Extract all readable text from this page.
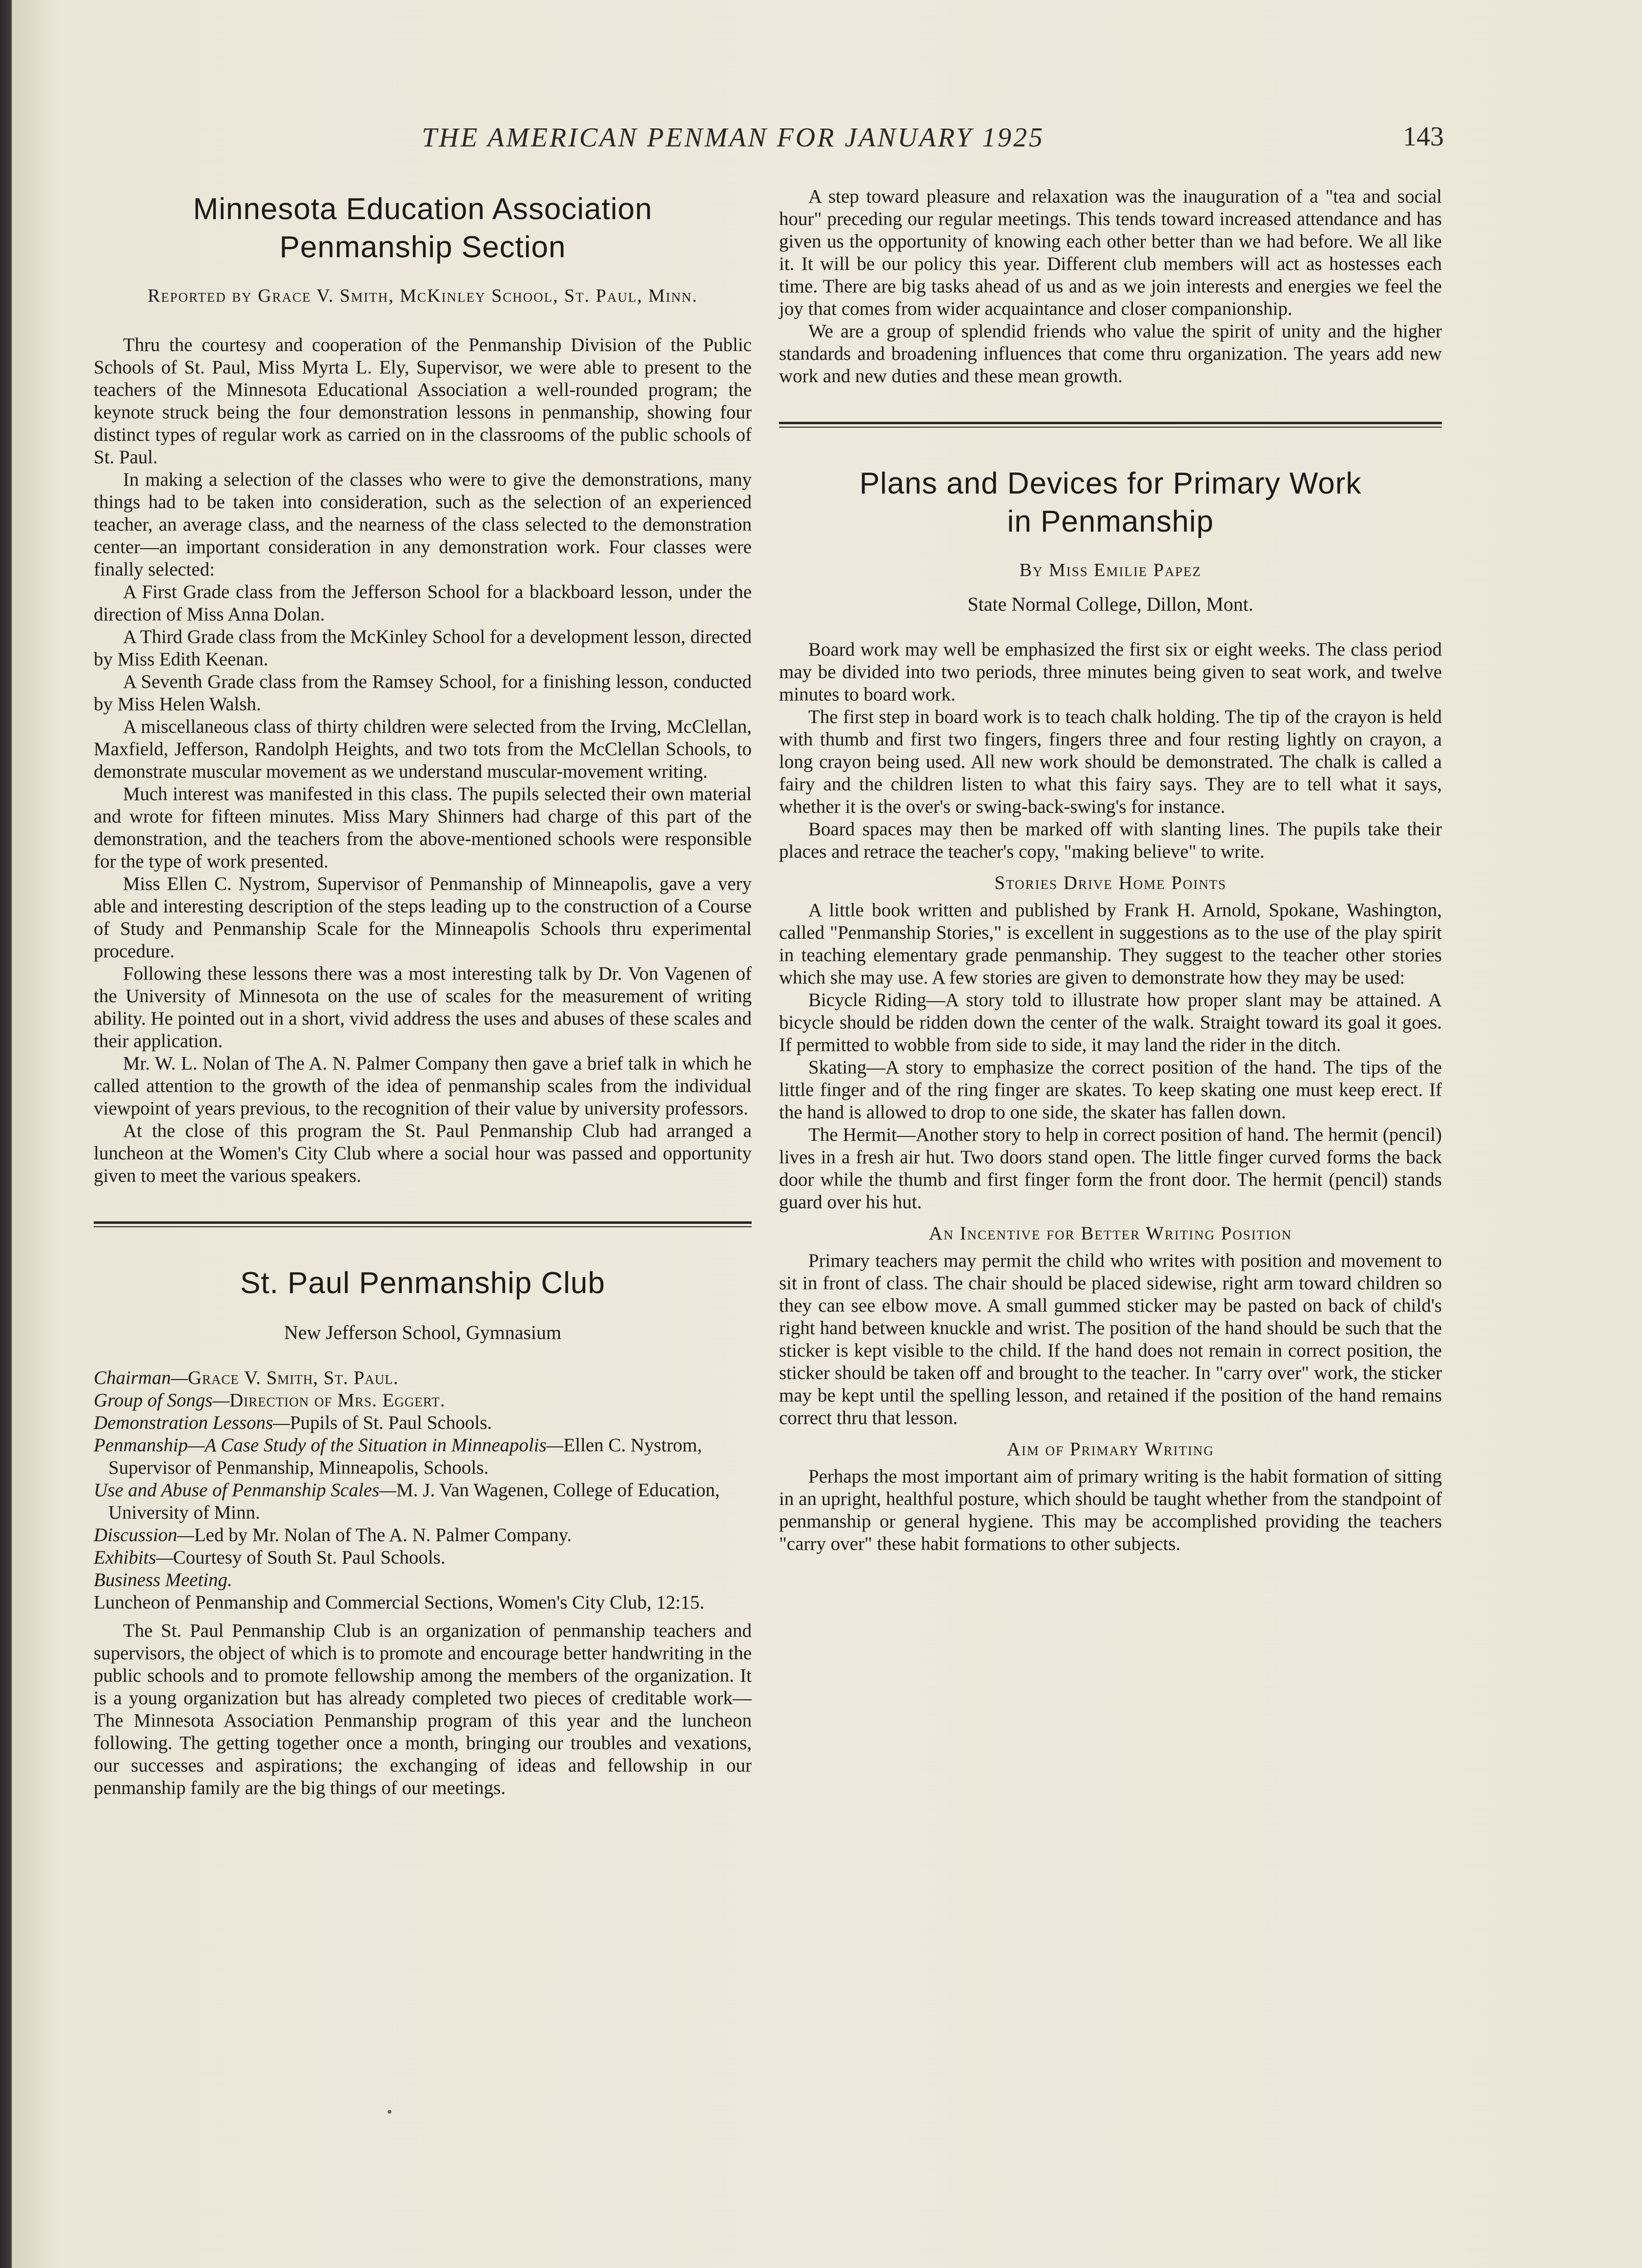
THE AMERICAN PENMAN FOR JANUARY 1925	143
Minnesota Education Association
Penmanship Section
Reported by Grace V. Smith, McKinley School, St. Paul, Minn.

Thru the courtesy and cooperation of the Penmanship Division of the Public Schools of St. Paul, Miss Myrta L. Ely, Supervisor, we were able to present to the teachers of the Minnesota Educational Association a well-rounded program; the keynote struck being the four demonstration lessons in penmanship, showing four distinct types of regular work as carried on in the classrooms of the public schools of St. Paul.

In making a selection of the classes who were to give the demonstrations, many things had to be taken into consideration, such as the selection of an experienced teacher, an average class, and the nearness of the class selected to the demonstration center—an important consideration in any demonstration work. Four classes were finally selected:

A First Grade class from the Jefferson School for a blackboard lesson, under the direction of Miss Anna Dolan.

A Third Grade class from the McKinley School for a development lesson, directed by Miss Edith Keenan.

A Seventh Grade class from the Ramsey School, for a finishing lesson, conducted by Miss Helen Walsh.

A miscellaneous class of thirty children were selected from the Irving, McClellan, Maxfield, Jefferson, Randolph Heights, and two tots from the McClellan Schools, to demonstrate muscular movement as we understand muscular-movement writing.

Much interest was manifested in this class. The pupils selected their own material and wrote for fifteen minutes. Miss Mary Shinners had charge of this part of the demonstration, and the teachers from the above-mentioned schools were responsible for the type of work presented.

Miss Ellen C. Nystrom, Supervisor of Penmanship of Minneapolis, gave a very able and interesting description of the steps leading up to the construction of a Course of Study and Penmanship Scale for the Minneapolis Schools thru experimental procedure.

Following these lessons there was a most interesting talk by Dr. Von Vagenen of the University of Minnesota on the use of scales for the measurement of writing ability. He pointed out in a short, vivid address the uses and abuses of these scales and their application.

Mr. W. L. Nolan of The A. N. Palmer Company then gave a brief talk in which he called attention to the growth of the idea of penmanship scales from the individual viewpoint of years previous, to the recognition of their value by university professors.

At the close of this program the St. Paul Penmanship Club had arranged a luncheon at the Women's City Club where a social hour was passed and opportunity given to meet the various speakers.

St. Paul Penmanship Club
New Jefferson School, Gymnasium

Chairman—Grace V. Smith, St. Paul.

Group of Songs—Direction of Mrs. Eggert.

Demonstration Lessons—Pupils of St. Paul Schools.

Penmanship—A Case Study of the Situation in Minneapolis—Ellen C. Nystrom, Supervisor of Penmanship, Minneapolis, Schools.

Use and Abuse of Penmanship Scales—M. J. Van Wagenen, College of Education, University of Minn.

Discussion—Led by Mr. Nolan of The A. N. Palmer Company.

Exhibits—Courtesy of South St. Paul Schools.

Business Meeting.

Luncheon of Penmanship and Commercial Sections, Women's City Club, 12:15.

The St. Paul Penmanship Club is an organization of penmanship teachers and supervisors, the object of which is to promote and encourage better handwriting in the public schools and to promote fellowship among the members of the organization. It is a young organization but has already completed two pieces of creditable work—The Minnesota Association Penmanship program of this year and the luncheon following. The getting together once a month, bringing our troubles and vexations, our successes and aspirations; the exchanging of ideas and fellowship in our penmanship family are the big things of our meetings.

A step toward pleasure and relaxation was the inauguration of a "tea and social hour" preceding our regular meetings. This tends toward increased attendance and has given us the opportunity of knowing each other better than we had before. We all like it. It will be our policy this year. Different club members will act as hostesses each time. There are big tasks ahead of us and as we join interests and energies we feel the joy that comes from wider acquaintance and closer companionship.

We are a group of splendid friends who value the spirit of unity and the higher standards and broadening influences that come thru organization. The years add new work and new duties and these mean growth.

Plans and Devices for Primary Work
in Penmanship
By Miss Emilie Papez
State Normal College, Dillon, Mont.

Board work may well be emphasized the first six or eight weeks. The class period may be divided into two periods, three minutes being given to seat work, and twelve minutes to board work.

The first step in board work is to teach chalk holding. The tip of the crayon is held with thumb and first two fingers, fingers three and four resting lightly on crayon, a long crayon being used. All new work should be demonstrated. The chalk is called a fairy and the children listen to what this fairy says. They are to tell what it says, whether it is the over's or swing-back-swing's for instance.

Board spaces may then be marked off with slanting lines. The pupils take their places and retrace the teacher's copy, "making believe" to write.

Stories Drive Home Points

A little book written and published by Frank H. Arnold, Spokane, Washington, called "Penmanship Stories," is excellent in suggestions as to the use of the play spirit in teaching elementary grade penmanship. They suggest to the teacher other stories which she may use. A few stories are given to demonstrate how they may be used:

Bicycle Riding—A story told to illustrate how proper slant may be attained. A bicycle should be ridden down the center of the walk. Straight toward its goal it goes. If permitted to wobble from side to side, it may land the rider in the ditch.

Skating—A story to emphasize the correct position of the hand. The tips of the little finger and of the ring finger are skates. To keep skating one must keep erect. If the hand is allowed to drop to one side, the skater has fallen down.

The Hermit—Another story to help in correct position of hand. The hermit (pencil) lives in a fresh air hut. Two doors stand open. The little finger curved forms the back door while the thumb and first finger form the front door. The hermit (pencil) stands guard over his hut.

An Incentive for Better Writing Position

Primary teachers may permit the child who writes with position and movement to sit in front of class. The chair should be placed sidewise, right arm toward children so they can see elbow move. A small gummed sticker may be pasted on back of child's right hand between knuckle and wrist. The position of the hand should be such that the sticker is kept visible to the child. If the hand does not remain in correct position, the sticker should be taken off and brought to the teacher. In "carry over" work, the sticker may be kept until the spelling lesson, and retained if the position of the hand remains correct thru that lesson.

Aim of Primary Writing

Perhaps the most important aim of primary writing is the habit formation of sitting in an upright, healthful posture, which should be taught whether from the standpoint of penmanship or general hygiene. This may be accomplished providing the teachers "carry over" these habit formations to other subjects.
